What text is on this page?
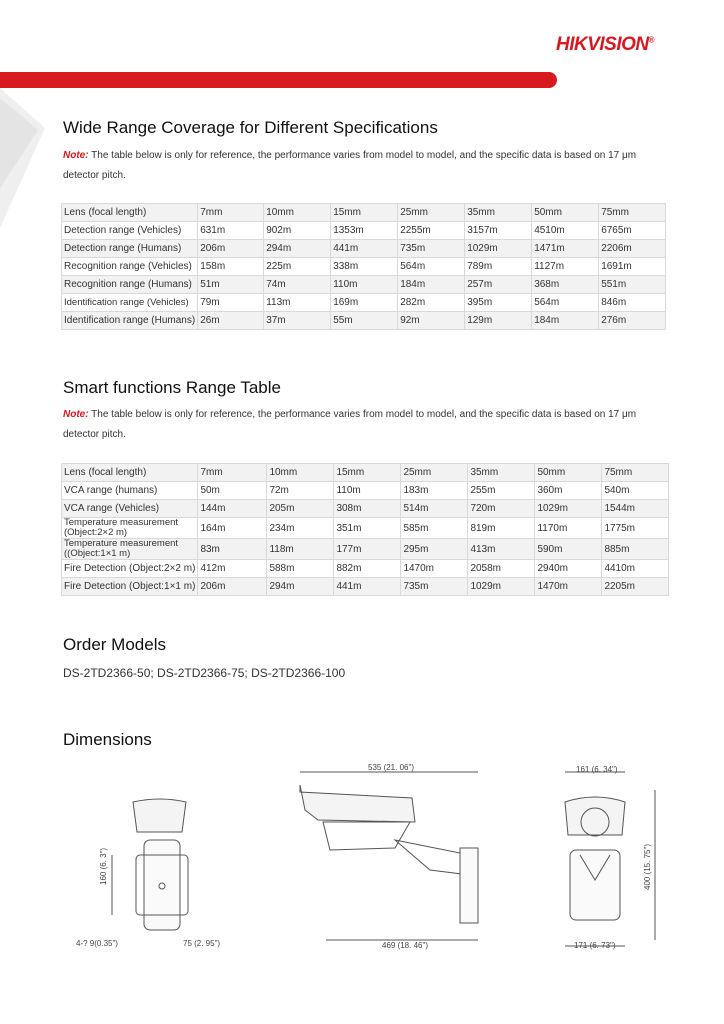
HIKVISION®
Wide Range Coverage for Different Specifications

Note: The table below is only for reference, the performance varies from model to model, and the specific data is based on 17 μm detector pitch.

Lens (focal length)	7mm	10mm	15mm	25mm	35mm	50mm	75mm
Detection range (Vehicles)	631m	902m	1353m	2255m	3157m	4510m	6765m
Detection range (Humans)	206m	294m	441m	735m	1029m	1471m	2206m
Recognition range (Vehicles)	158m	225m	338m	564m	789m	1127m	1691m
Recognition range (Humans)	51m	74m	110m	184m	257m	368m	551m
Identification range (Vehicles)	79m	113m	169m	282m	395m	564m	846m
Identification range (Humans)	26m	37m	55m	92m	129m	184m	276m
Smart functions Range Table

Note: The table below is only for reference, the performance varies from model to model, and the specific data is based on 17 μm detector pitch.

Lens (focal length)	7mm	10mm	15mm	25mm	35mm	50mm	75mm
VCA range (humans)	50m	72m	110m	183m	255m	360m	540m
VCA range (Vehicles)	144m	205m	308m	514m	720m	1029m	1544m
Temperature measurement (Object:2×2 m)	164m	234m	351m	585m	819m	1170m	1775m
Temperature measurement ((Object:1×1 m)	83m	118m	177m	295m	413m	590m	885m
Fire Detection (Object:2×2 m)	412m	588m	882m	1470m	2058m	2940m	4410m
Fire Detection (Object:1×1 m)	206m	294m	441m	735m	1029m	1470m	2205m
Order Models

DS-2TD2366-50; DS-2TD2366-75; DS-2TD2366-100

Dimensions
160 (6. 3")
4-? 9(0.35")	75 (2. 95")
535 (21. 06")
469 (18. 46")
161 (6. 34")
400 (15. 75")
171 (6. 73")
